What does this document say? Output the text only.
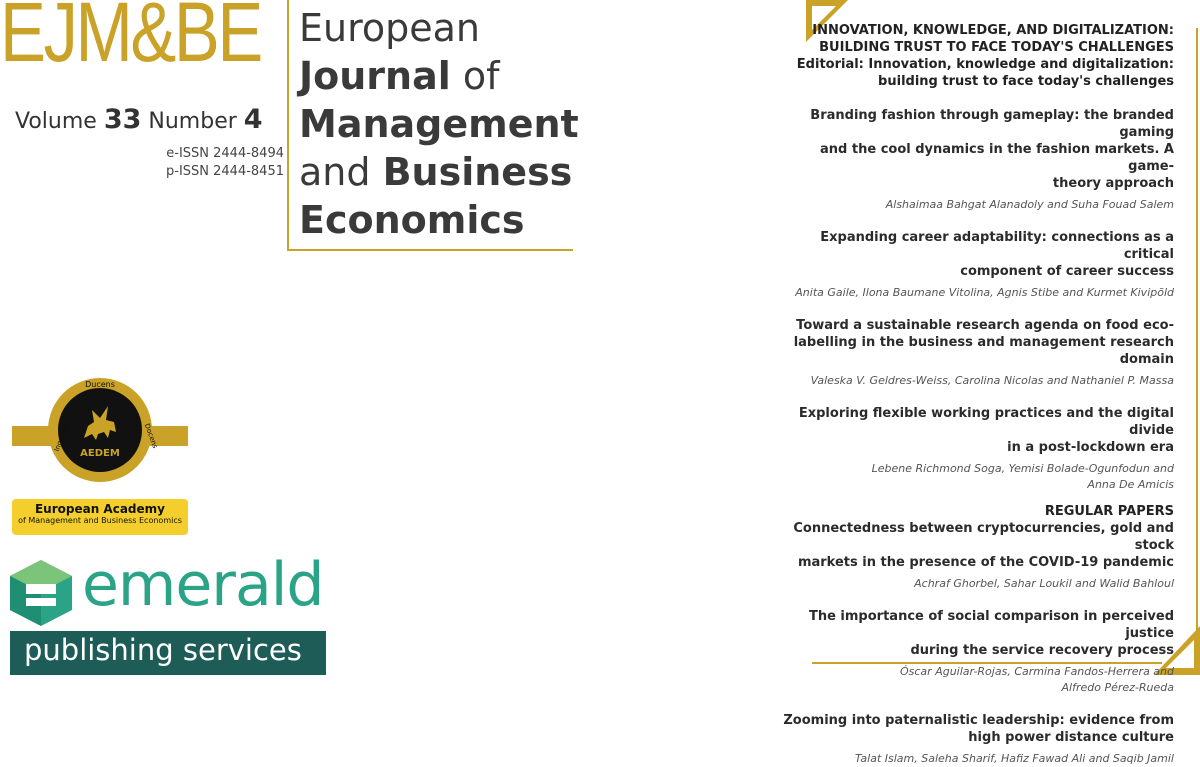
EJM&BE
Volume 33 Number 4
e-ISSN 2444-8494
p-ISSN 2444-8451
European
Journal of
Management
and Business
Economics
Ducens
Inquirens	Docens
AEDEM
European Academy
of Management and Business Economics
emerald
publishing services
INNOVATION, KNOWLEDGE, AND DIGITALIZATION:
BUILDING TRUST TO FACE TODAY'S CHALLENGES
Editorial: Innovation, knowledge and digitalization:
building trust to face today's challenges
Branding fashion through gameplay: the branded gaming
and the cool dynamics in the fashion markets. A game-
theory approach
Alshaimaa Bahgat Alanadoly and Suha Fouad Salem
Expanding career adaptability: connections as a critical
component of career success
Anita Gaile, Ilona Baumane Vitolina, Agnis Stibe and Kurmet Kivipõld
Toward a sustainable research agenda on food eco-
labelling in the business and management research domain
Valeska V. Geldres-Weiss, Carolina Nicolas and Nathaniel P. Massa
Exploring flexible working practices and the digital divide
in a post-lockdown era
Lebene Richmond Soga, Yemisi Bolade-Ogunfodun and
Anna De Amicis
REGULAR PAPERS
Connectedness between cryptocurrencies, gold and stock
markets in the presence of the COVID-19 pandemic
Achraf Ghorbel, Sahar Loukil and Walid Bahloul
The importance of social comparison in perceived justice
during the service recovery process
Óscar Aguilar-Rojas, Carmina Fandos-Herrera and
Alfredo Pérez-Rueda
Zooming into paternalistic leadership: evidence from
high power distance culture
Talat Islam, Saleha Sharif, Hafiz Fawad Ali and Saqib Jamil
